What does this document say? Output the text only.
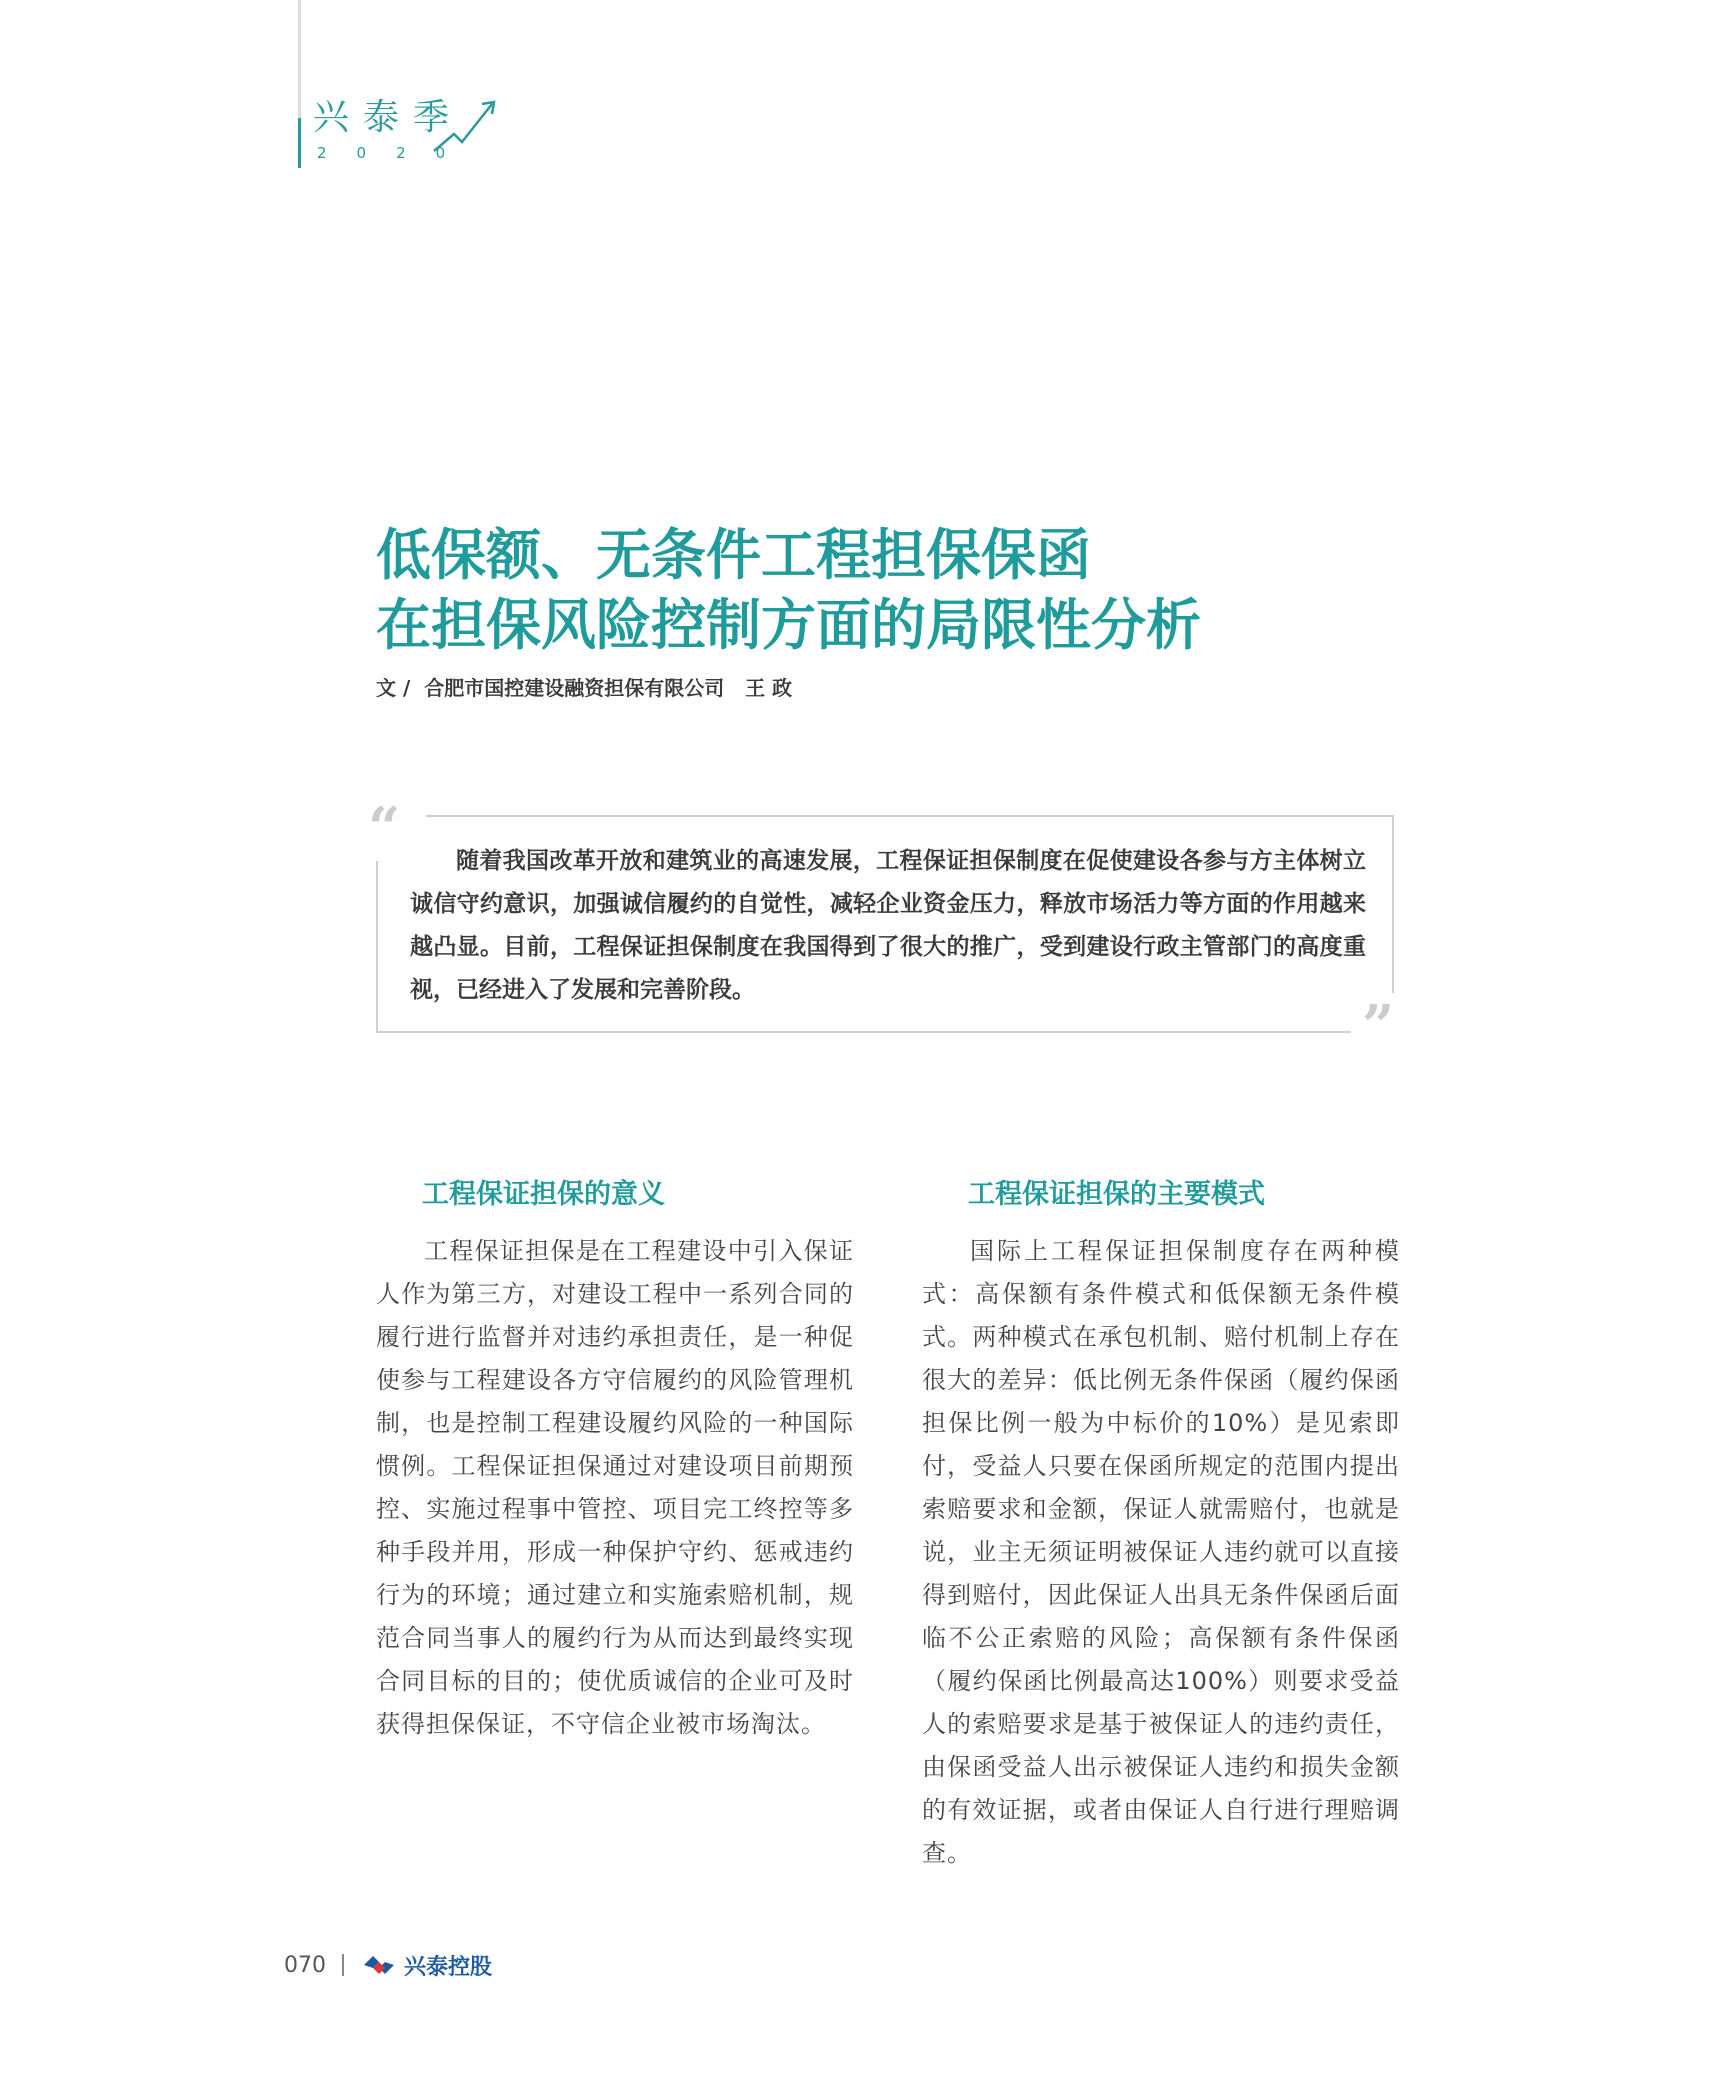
兴泰季
2020
低保额、无条件工程担保保函
在担保风险控制方面的局限性分析
文 /  合肥市国控建设融资担保有限公司   王 政
“
”

随着我国改革开放和建筑业的高速发展，工程保证担保制度在促使建设各参与方主体树立诚信守约意识，加强诚信履约的自觉性，减轻企业资金压力，释放市场活力等方面的作用越来越凸显。目前，工程保证担保制度在我国得到了很大的推广，受到建设行政主管部门的高度重视，已经进入了发展和完善阶段。

工程保证担保的意义

工程保证担保是在工程建设中引入保证人作为第三方，对建设工程中一系列合同的履行进行监督并对违约承担责任，是一种促使参与工程建设各方守信履约的风险管理机制，也是控制工程建设履约风险的一种国际惯例。工程保证担保通过对建设项目前期预控、实施过程事中管控、项目完工终控等多种手段并用，形成一种保护守约、惩戒违约行为的环境；通过建立和实施索赔机制，规范合同当事人的履约行为从而达到最终实现合同目标的目的；使优质诚信的企业可及时获得担保保证，不守信企业被市场淘汰。

工程保证担保的主要模式

国际上工程保证担保制度存在两种模式：高保额有条件模式和低保额无条件模式。两种模式在承包机制、赔付机制上存在很大的差异：低比例无条件保函（履约保函担保比例一般为中标价的10%）是见索即付，受益人只要在保函所规定的范围内提出索赔要求和金额，保证人就需赔付，也就是说，业主无须证明被保证人违约就可以直接得到赔付，因此保证人出具无条件保函后面临不公正索赔的风险；高保额有条件保函（履约保函比例最高达100%）则要求受益人的索赔要求是基于被保证人的违约责任，由保函受益人出示被保证人违约和损失金额的有效证据，或者由保证人自行进行理赔调查。

070	兴泰控股
